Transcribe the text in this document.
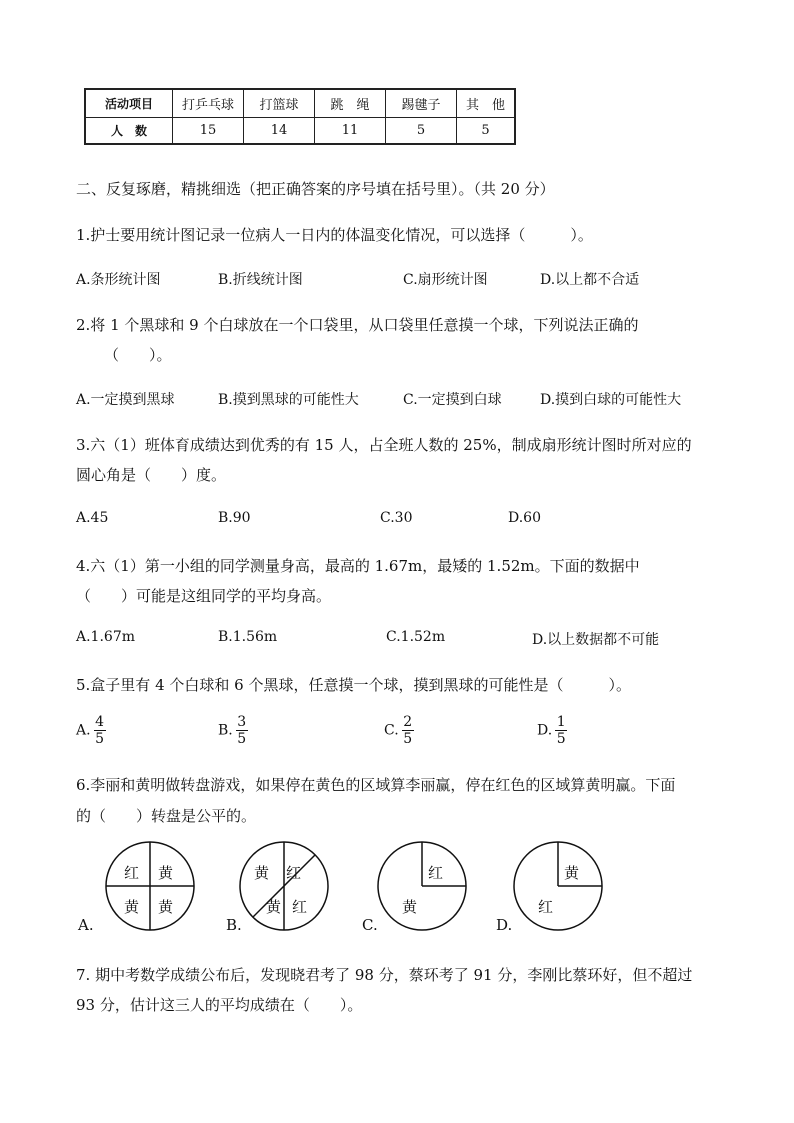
活动项目	打乒乓球	打篮球	跳　绳	踢毽子	其　他
人　数	15	14	11	5	5
二、反复琢磨，精挑细选（把正确答案的序号填在括号里）。（共 20 分）
1.护士要用统计图记录一位病人一日内的体温变化情况，可以选择（　　　）。
A.条形统计图	B.折线统计图	C.扇形统计图	D.以上都不合适
2.将 1 个黑球和 9 个白球放在一个口袋里，从口袋里任意摸一个球，下列说法正确的
（　　）。
A.一定摸到黑球	B.摸到黑球的可能性大	C.一定摸到白球	D.摸到白球的可能性大
3.六（1）班体育成绩达到优秀的有 15 人，占全班人数的 25%，制成扇形统计图时所对应的
圆心角是（　　）度。
A.45	B.90	C.30	D.60
4.六（1）第一小组的同学测量身高，最高的 1.67m，最矮的 1.52m。下面的数据中
（　　）可能是这组同学的平均身高。
A.1.67m	B.1.56m	C.1.52m	D.以上数据都不可能
5.盒子里有 4 个白球和 6 个黑球，任意摸一个球，摸到黑球的可能性是（　　　）。
A. $\frac{4}{5}$	B. $\frac{3}{5}$	C. $\frac{2}{5}$	D. $\frac{1}{5}$
6.李丽和黄明做转盘游戏，如果停在黄色的区域算李丽赢，停在红色的区域算黄明赢。下面
的（　　）转盘是公平的。
红 黄
黄 黄
A.
黄 红
黄 红
B.
红
黄
C.
黄
红
D.
7. 期中考数学成绩公布后，发现晓君考了 98 分，蔡环考了 91 分，李刚比蔡环好，但不超过
93 分，估计这三人的平均成绩在（　　）。
